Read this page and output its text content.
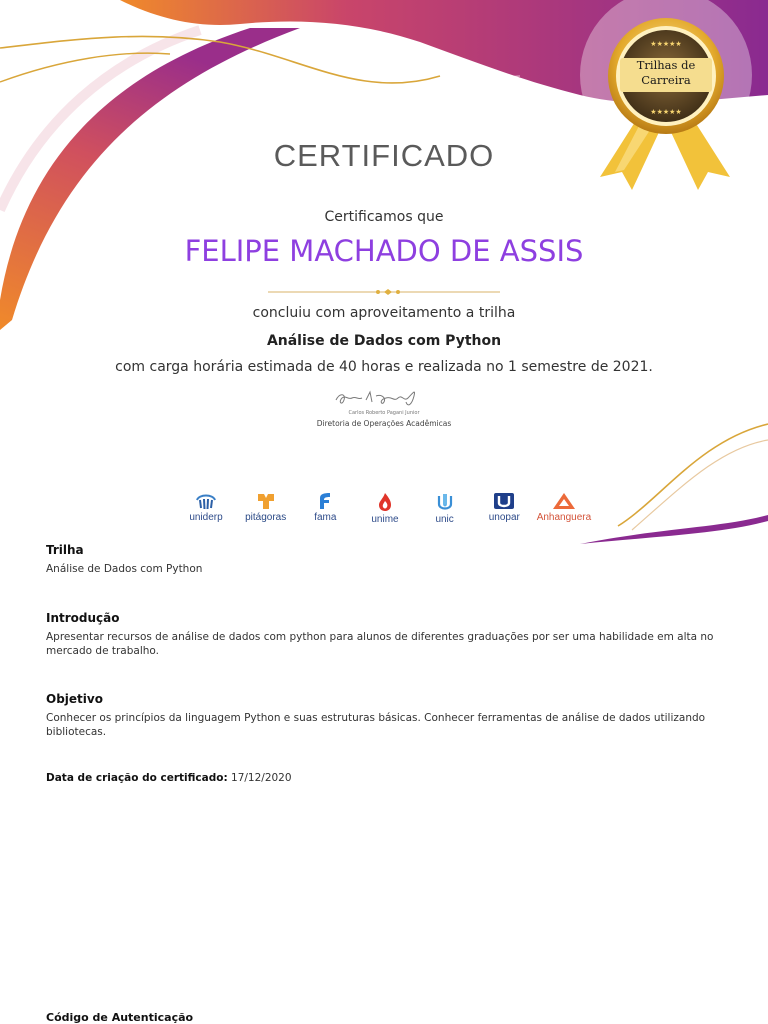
★★★★★
★★★★★
Trilhas de
Carreira
CERTIFICADO
Certificamos que
FELIPE MACHADO DE ASSIS
concluiu com aproveitamento a trilha
Análise de Dados com Python
com carga horária estimada de 40 horas e realizada no 1 semestre de 2021.
Carlos Roberto Pagani Junior
Diretoria de Operações Acadêmicas
uniderp pitágoras	fama	unime	unic	unopar Anhanguera
Trilha
Análise de Dados com Python
Introdução
Apresentar recursos de análise de dados com python para alunos de diferentes graduações por ser uma habilidade em alta no mercado de trabalho.
Objetivo
Conhecer os princípios da linguagem Python e suas estruturas básicas. Conhecer ferramentas de análise de dados utilizando bibliotecas.
Data de criação do certificado: 17/12/2020
Código de Autenticação
